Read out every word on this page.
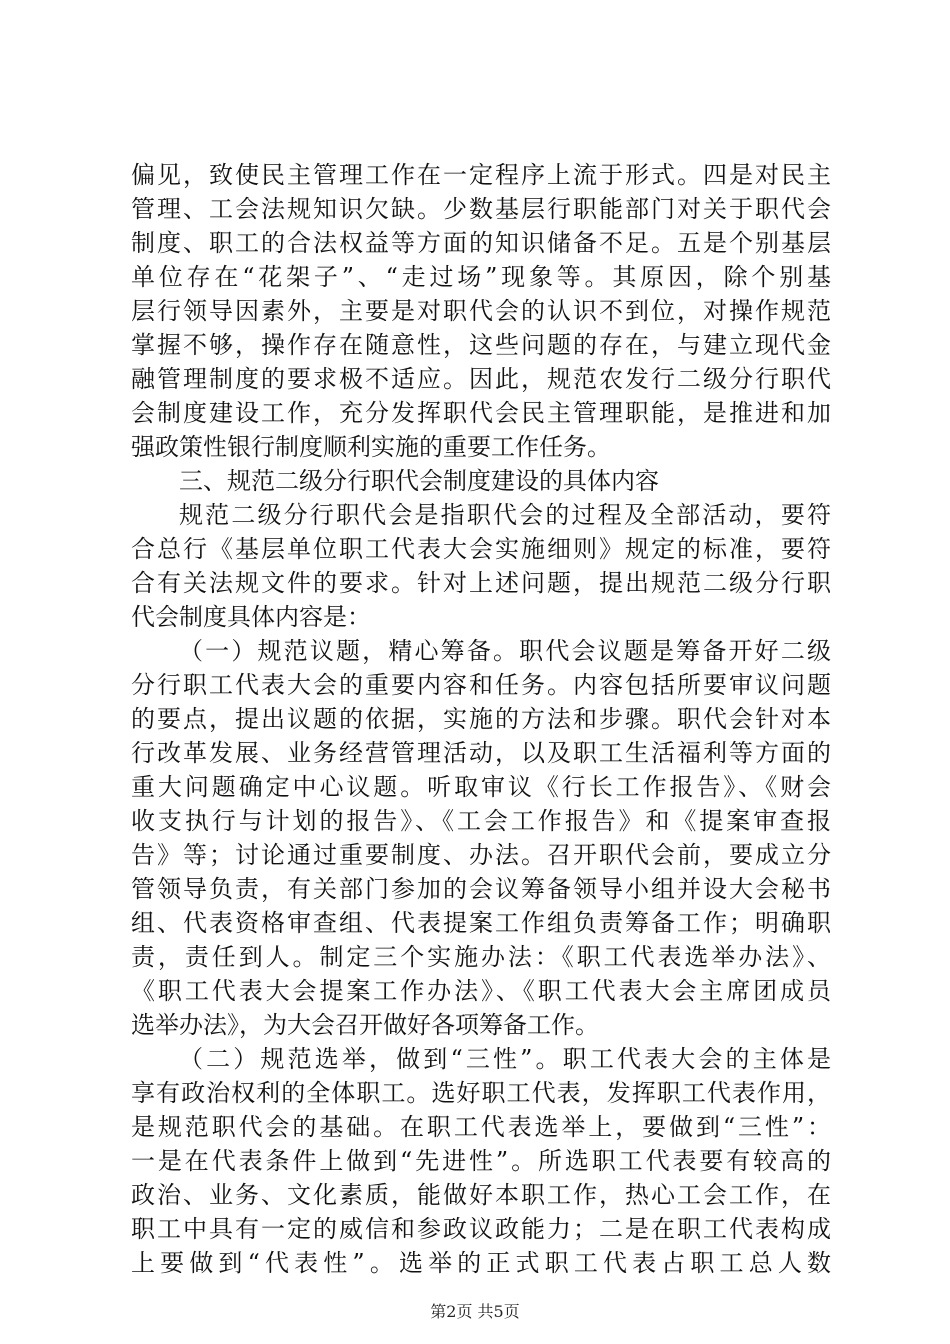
偏见，致使民主管理工作在一定程序上流于形式。四是对民主
管理、工会法规知识欠缺。少数基层行职能部门对关于职代会
制度、职工的合法权益等方面的知识储备不足。五是个别基层
单位存在“花架子”、“走过场”现象等。其原因，除个别基
层行领导因素外，主要是对职代会的认识不到位，对操作规范
掌握不够，操作存在随意性，这些问题的存在，与建立现代金
融管理制度的要求极不适应。因此，规范农发行二级分行职代
会制度建设工作，充分发挥职代会民主管理职能，是推进和加
强政策性银行制度顺利实施的重要工作任务。
三、规范二级分行职代会制度建设的具体内容
规范二级分行职代会是指职代会的过程及全部活动，要符
合总行《基层单位职工代表大会实施细则》规定的标准，要符
合有关法规文件的要求。针对上述问题，提出规范二级分行职
代会制度具体内容是：
（一）规范议题，精心筹备。职代会议题是筹备开好二级
分行职工代表大会的重要内容和任务。内容包括所要审议问题
的要点，提出议题的依据，实施的方法和步骤。职代会针对本
行改革发展、业务经营管理活动，以及职工生活福利等方面的
重大问题确定中心议题。听取审议《行长工作报告》、《财会
收支执行与计划的报告》、《工会工作报告》和《提案审查报
告》等；讨论通过重要制度、办法。召开职代会前，要成立分
管领导负责，有关部门参加的会议筹备领导小组并设大会秘书
组、代表资格审查组、代表提案工作组负责筹备工作；明确职
责，责任到人。制定三个实施办法：《职工代表选举办法》、
《职工代表大会提案工作办法》、《职工代表大会主席团成员
选举办法》，为大会召开做好各项筹备工作。
（二）规范选举，做到“三性”。职工代表大会的主体是
享有政治权利的全体职工。选好职工代表，发挥职工代表作用，
是规范职代会的基础。在职工代表选举上，要做到“三性”：
一是在代表条件上做到“先进性”。所选职工代表要有较高的
政治、业务、文化素质，能做好本职工作，热心工会工作，在
职工中具有一定的威信和参政议政能力；二是在职工代表构成
上要做到“代表性”。选举的正式职工代表占职工总人数
第2页 共5页
